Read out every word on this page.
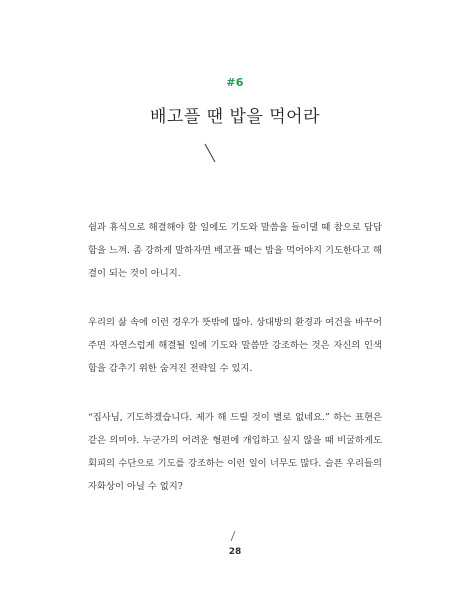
#6
배고플 땐 밥을 먹어라

쉼과 휴식으로 해결해야 할 일에도 기도와 말씀을 들이댈 때 참으로 답답함을 느껴. 좀 강하게 말하자면 배고플 때는 밥을 먹어야지 기도한다고 해결이 되는 것이 아니지.

우리의 삶 속에 이런 경우가 뜻밖에 많아. 상대방의 환경과 여건을 바꾸어 주면 자연스럽게 해결될 일에 기도와 말씀만 강조하는 것은 자신의 인색함을 감추기 위한 숨겨진 전략일 수 있지.

“집사님, 기도하겠습니다. 제가 해 드릴 것이 별로 없네요.” 하는 표현은 같은 의미야. 누군가의 어려운 형편에 개입하고 싶지 않을 때 비굴하게도 회피의 수단으로 기도를 강조하는 이런 일이 너무도 많다. 슬픈 우리들의 자화상이 아닐 수 없지?

28
